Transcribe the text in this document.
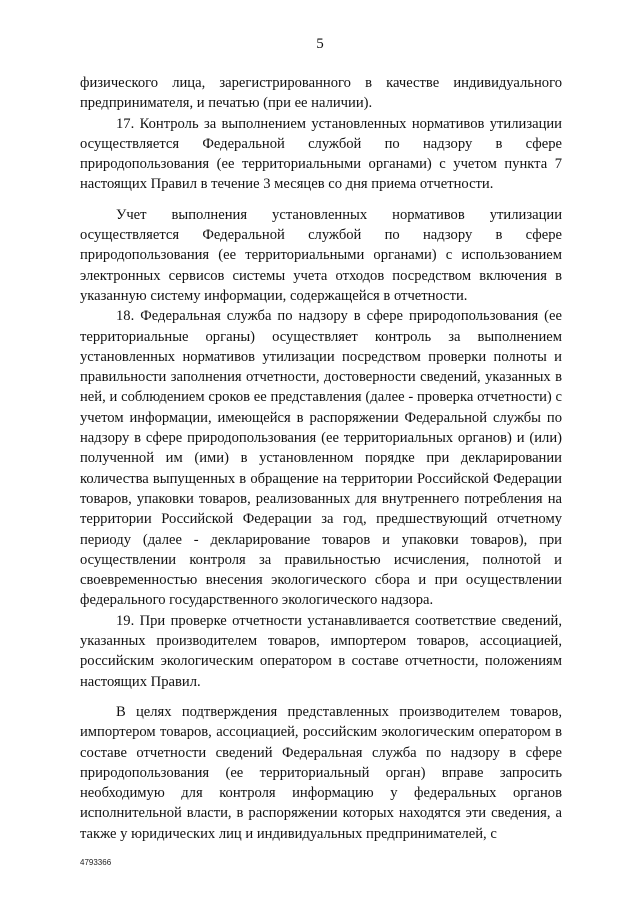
5

физического лица, зарегистрированного в качестве индивидуального предпринимателя, и печатью (при ее наличии).

17. Контроль за выполнением установленных нормативов утилизации осуществляется Федеральной службой по надзору в сфере природопользования (ее территориальными органами) с учетом пункта 7 настоящих Правил в течение 3 месяцев со дня приема отчетности.

Учет выполнения установленных нормативов утилизации осуществляется Федеральной службой по надзору в сфере природопользования (ее территориальными органами) с использованием электронных сервисов системы учета отходов посредством включения в указанную систему информации, содержащейся в отчетности.

18. Федеральная служба по надзору в сфере природопользования (ее территориальные органы) осуществляет контроль за выполнением установленных нормативов утилизации посредством проверки полноты и правильности заполнения отчетности, достоверности сведений, указанных в ней, и соблюдением сроков ее представления (далее - проверка отчетности) с учетом информации, имеющейся в распоряжении Федеральной службы по надзору в сфере природопользования (ее территориальных органов) и (или) полученной им (ими) в установленном порядке при декларировании количества выпущенных в обращение на территории Российской Федерации товаров, упаковки товаров, реализованных для внутреннего потребления на территории Российской Федерации за год, предшествующий отчетному периоду (далее - декларирование товаров и упаковки товаров), при осуществлении контроля за правильностью исчисления, полнотой и своевременностью внесения экологического сбора и при осуществлении федерального государственного экологического надзора.

19. При проверке отчетности устанавливается соответствие сведений, указанных производителем товаров, импортером товаров, ассоциацией, российским экологическим оператором в составе отчетности, положениям настоящих Правил.

В целях подтверждения представленных производителем товаров, импортером товаров, ассоциацией, российским экологическим оператором в составе отчетности сведений Федеральная служба по надзору в сфере природопользования (ее территориальный орган) вправе запросить необходимую для контроля информацию у федеральных органов исполнительной власти, в распоряжении которых находятся эти сведения, а также у юридических лиц и индивидуальных предпринимателей, с

4793366
